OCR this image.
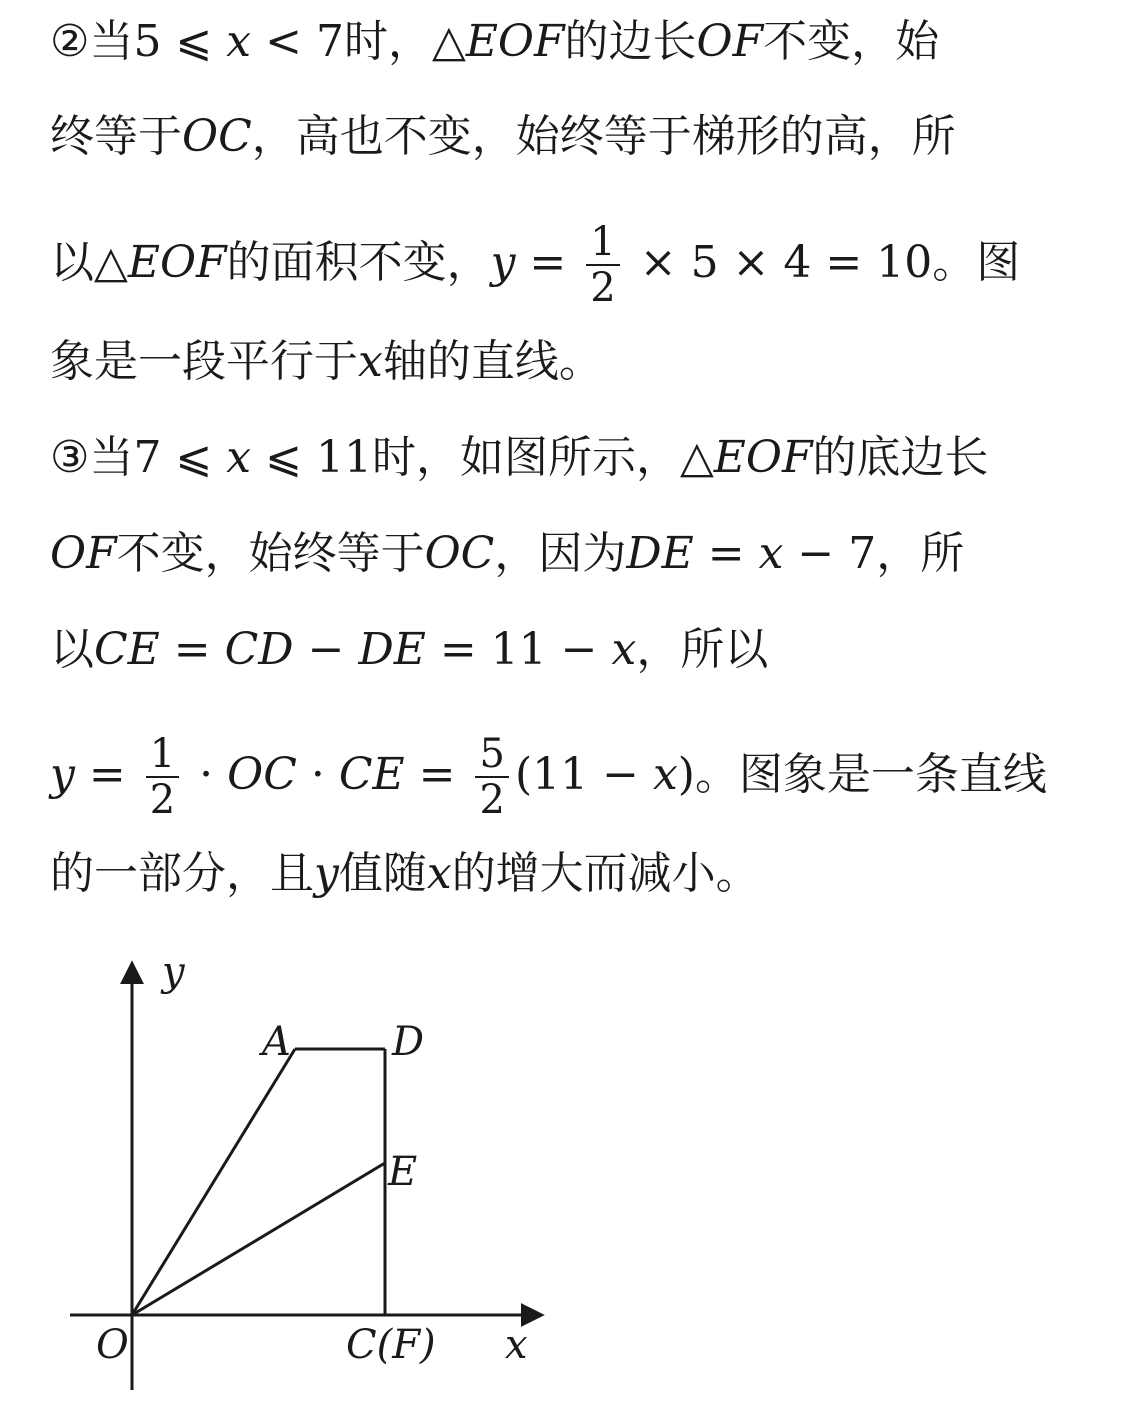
②当5 ⩽ x < 7时，△EOF的边长OF不变，始
终等于OC，高也不变，始终等于梯形的高，所
以△EOF的面积不变，$y = \frac{1}{2} \times 5 \times 4 = 10$。图
象是一段平行于x轴的直线。
③当7 ⩽ x ⩽ 11时，如图所示，△EOF的底边长
OF不变，始终等于OC，因为DE = x − 7，所
以CE = CD − DE = 11 − x，所以
$y = \frac{1}{2}$ · OC · CE = $\frac{5}{2} (11 - x)$。图象是一条直线
的一部分，且y值随x的增大而减小。
y
A	D
E
O	C(F) x
